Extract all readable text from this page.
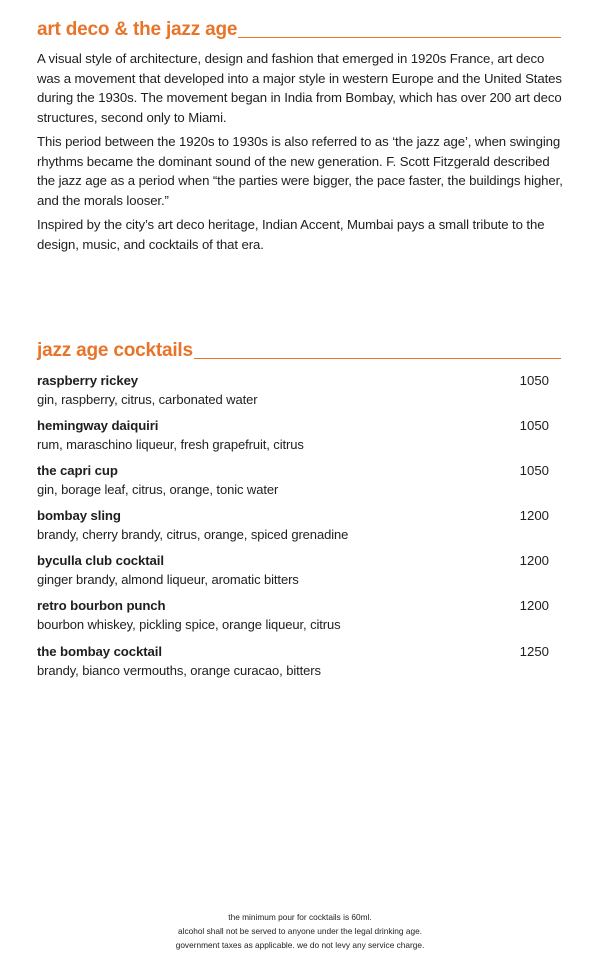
art deco & the jazz age

A visual style of architecture, design and fashion that emerged in 1920s France, art deco was a movement that developed into a major style in western Europe and the United States during the 1930s. The movement began in India from Bombay, which has over 200 art deco structures, second only to Miami.

This period between the 1920s to 1930s is also referred to as ‘the jazz age’, when swinging rhythms became the dominant sound of the new generation. F. Scott Fitzgerald described the jazz age as a period when “the parties were bigger, the pace faster, the buildings higher, and the morals looser.”

Inspired by the city’s art deco heritage, Indian Accent, Mumbai pays a small tribute to the design, music, and cocktails of that era.

jazz age cocktails
raspberry rickey	1050
gin, raspberry, citrus, carbonated water
hemingway daiquiri	1050
rum, maraschino liqueur, fresh grapefruit, citrus
the capri cup	1050
gin, borage leaf, citrus, orange, tonic water
bombay sling	1200
brandy, cherry brandy, citrus, orange, spiced grenadine
byculla club cocktail	1200
ginger brandy, almond liqueur, aromatic bitters
retro bourbon punch	1200
bourbon whiskey, pickling spice, orange liqueur, citrus
the bombay cocktail	1250
brandy, bianco vermouths, orange curacao, bitters
the minimum pour for cocktails is 60ml.
alcohol shall not be served to anyone under the legal drinking age.
government taxes as applicable. we do not levy any service charge.
